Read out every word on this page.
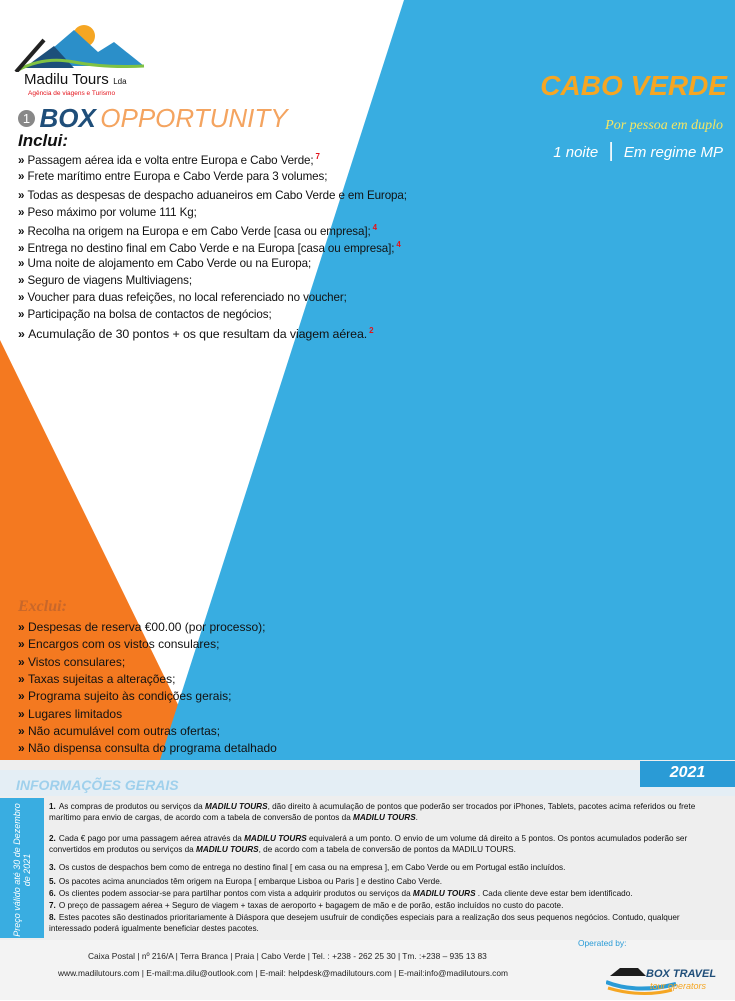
Madilu Tours Lda
Agência de viagens e Turismo
1 BOX OPPORTUNITY
CABO VERDE
Por pessoa em duplo
1 noite | Em regime MP
Inclui:
» Passagem aérea ida e volta entre Europa e Cabo Verde; $^7$
» Frete marítimo entre Europa e Cabo Verde para 3 volumes;
» Todas as despesas de despacho aduaneiros em Cabo Verde e em Europa;
» Peso máximo por volume 111 Kg;
» Recolha na origem na Europa e em Cabo Verde [casa ou empresa]; $^4$
» Entrega no destino final em Cabo Verde e na Europa [casa ou empresa]; $^4$
» Uma noite de alojamento em Cabo Verde ou na Europa;
» Seguro de viagens Multiviagens;
» Voucher para duas refeições, no local referenciado no voucher;
» Participação na bolsa de contactos de negócios;
» Acumulação de 30 pontos + os que resultam da viagem aérea. $^2$
Exclui:
» Despesas de reserva €00.00 (por processo);
» Encargos com os vistos consulares;
» Vistos consulares;
» Taxas sujeitas a alterações;
» Programa sujeito às condições gerais;
» Lugares limitados
» Não acumulável com outras ofertas;
» Não dispensa consulta do programa detalhado
INFORMAÇÕES GERAIS
2021
Preço válido até 30 de Dezembro de 2021
1. As compras de produtos ou serviços da MADILU TOURS, dão direito à acumulação de pontos que poderão ser trocados por iPhones, Tablets, pacotes acima referidos ou frete marítimo para envio de cargas, de acordo com a tabela de conversão de pontos da MADILU TOURS.
2. Cada € pago por uma passagem aérea através da MADILU TOURS equivalerá a um ponto. O envio de um volume dá direito a 5 pontos. Os pontos acumulados poderão ser convertidos em produtos ou serviços da MADILU TOURS, de acordo com a tabela de conversão de pontos da MADILU TOURS.
3. Os custos de despachos bem como de entrega no destino final [ em casa ou na empresa ], em Cabo Verde ou em Portugal estão incluídos.
5. Os pacotes acima anunciados têm origem na Europa [ embarque Lisboa ou Paris ] e destino Cabo Verde.
6. Os clientes podem associar-se para partilhar pontos com vista a adquirir produtos ou serviços da MADILU TOURS . Cada cliente deve estar bem identificado.
7. O preço de passagem aérea + Seguro de viagem + taxas de aeroporto + bagagem de mão e de porão, estão incluídos no custo do pacote.
8. Estes pacotes são destinados prioritariamente à Diáspora que desejem usufruir de condições especiais para a realização dos seus pequenos negócios. Contudo, qualquer interessado poderá igualmente beneficiar destes pacotes.
Caixa Postal | nº 216/A | Terra Branca | Praia | Cabo Verde | Tel. : +238 - 262 25 30 | Tm. :+238 – 935 13 83
www.madilutours.com | E-mail:ma.dilu@outlook.com | E-mail: helpdesk@madilutours.com | E-mail:info@madilutours.com
Operated by:
BOX TRAVEL
tour operators
